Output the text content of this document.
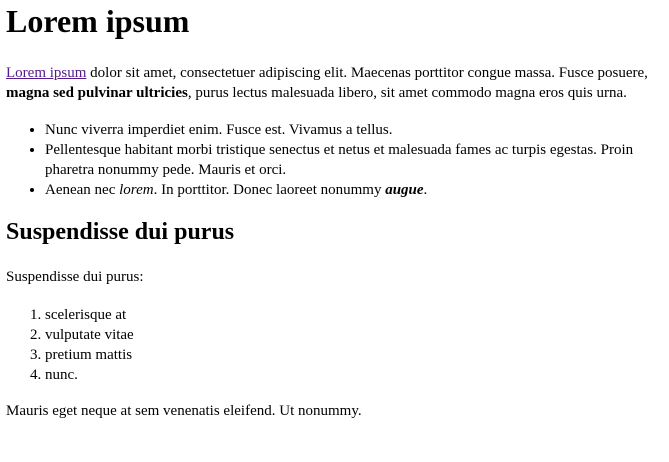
Lorem ipsum

Lorem ipsum dolor sit amet, consectetuer adipiscing elit. Maecenas porttitor congue massa. Fusce posuere, magna sed pulvinar ultricies, purus lectus malesuada libero, sit amet commodo magna eros quis urna.

• Nunc viverra imperdiet enim. Fusce est. Vivamus a tellus.
• Pellentesque habitant morbi tristique senectus et netus et malesuada fames ac turpis egestas. Proin pharetra nonummy pede. Mauris et orci.
• Aenean nec lorem. In porttitor. Donec laoreet nonummy augue.
Suspendisse dui purus

Suspendisse dui purus:

1. scelerisque at
2. vulputate vitae
3. pretium mattis
4. nunc.

Mauris eget neque at sem venenatis eleifend. Ut nonummy.
